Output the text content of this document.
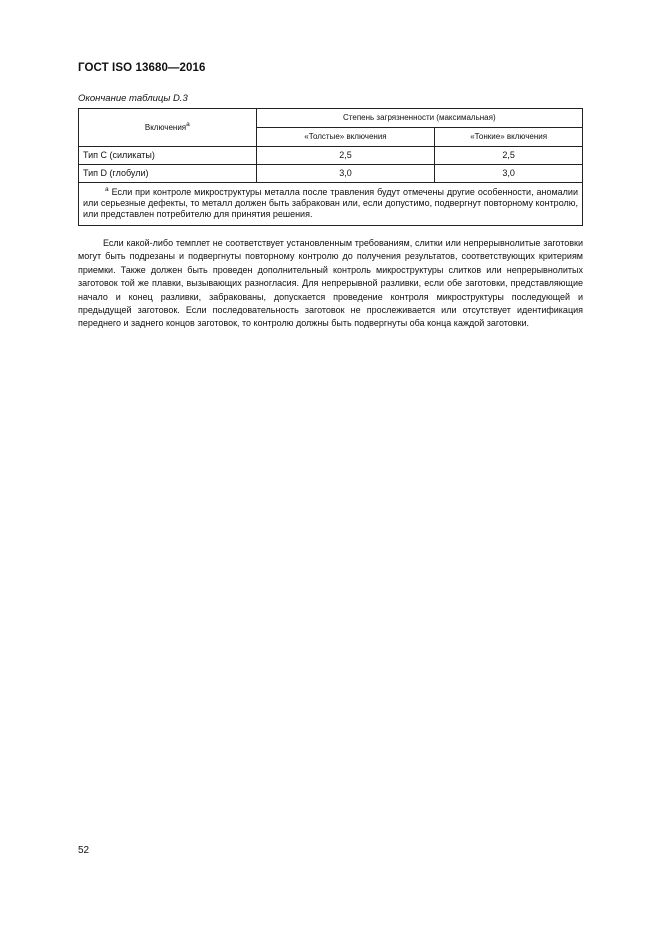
ГОСТ ISO 13680—2016
Окончание таблицы D.3
Включения$^a$	Степень загрязненности (максимальная)	
	«Толстые» включения	«Тонкие» включения
Тип С (силикаты)	2,5	2,5
Тип D (глобули)	3,0	3,0
$^a$ Если при контроле микроструктуры металла после травления будут отмечены другие особенности, аномалии или серьезные дефекты, то металл должен быть забракован или, если допустимо, подвергнут повторному контролю, или представлен потребителю для принятия решения.		

Если какой-либо темплет не соответствует установленным требованиям, слитки или непрерывнолитые заготовки могут быть подрезаны и подвергнуты повторному контролю до получения результатов, соответствующих критериям приемки. Также должен быть проведен дополнительный контроль микроструктуры слитков или непрерывнолитых заготовок той же плавки, вызывающих разногласия. Для непрерывной разливки, если обе заготовки, представляющие начало и конец разливки, забракованы, допускается проведение контроля микроструктуры последующей и предыдущей заготовок. Если последовательность заготовок не прослеживается или отсутствует идентификация переднего и заднего концов заготовок, то контролю должны быть подвергнуты оба конца каждой заготовки.

52
